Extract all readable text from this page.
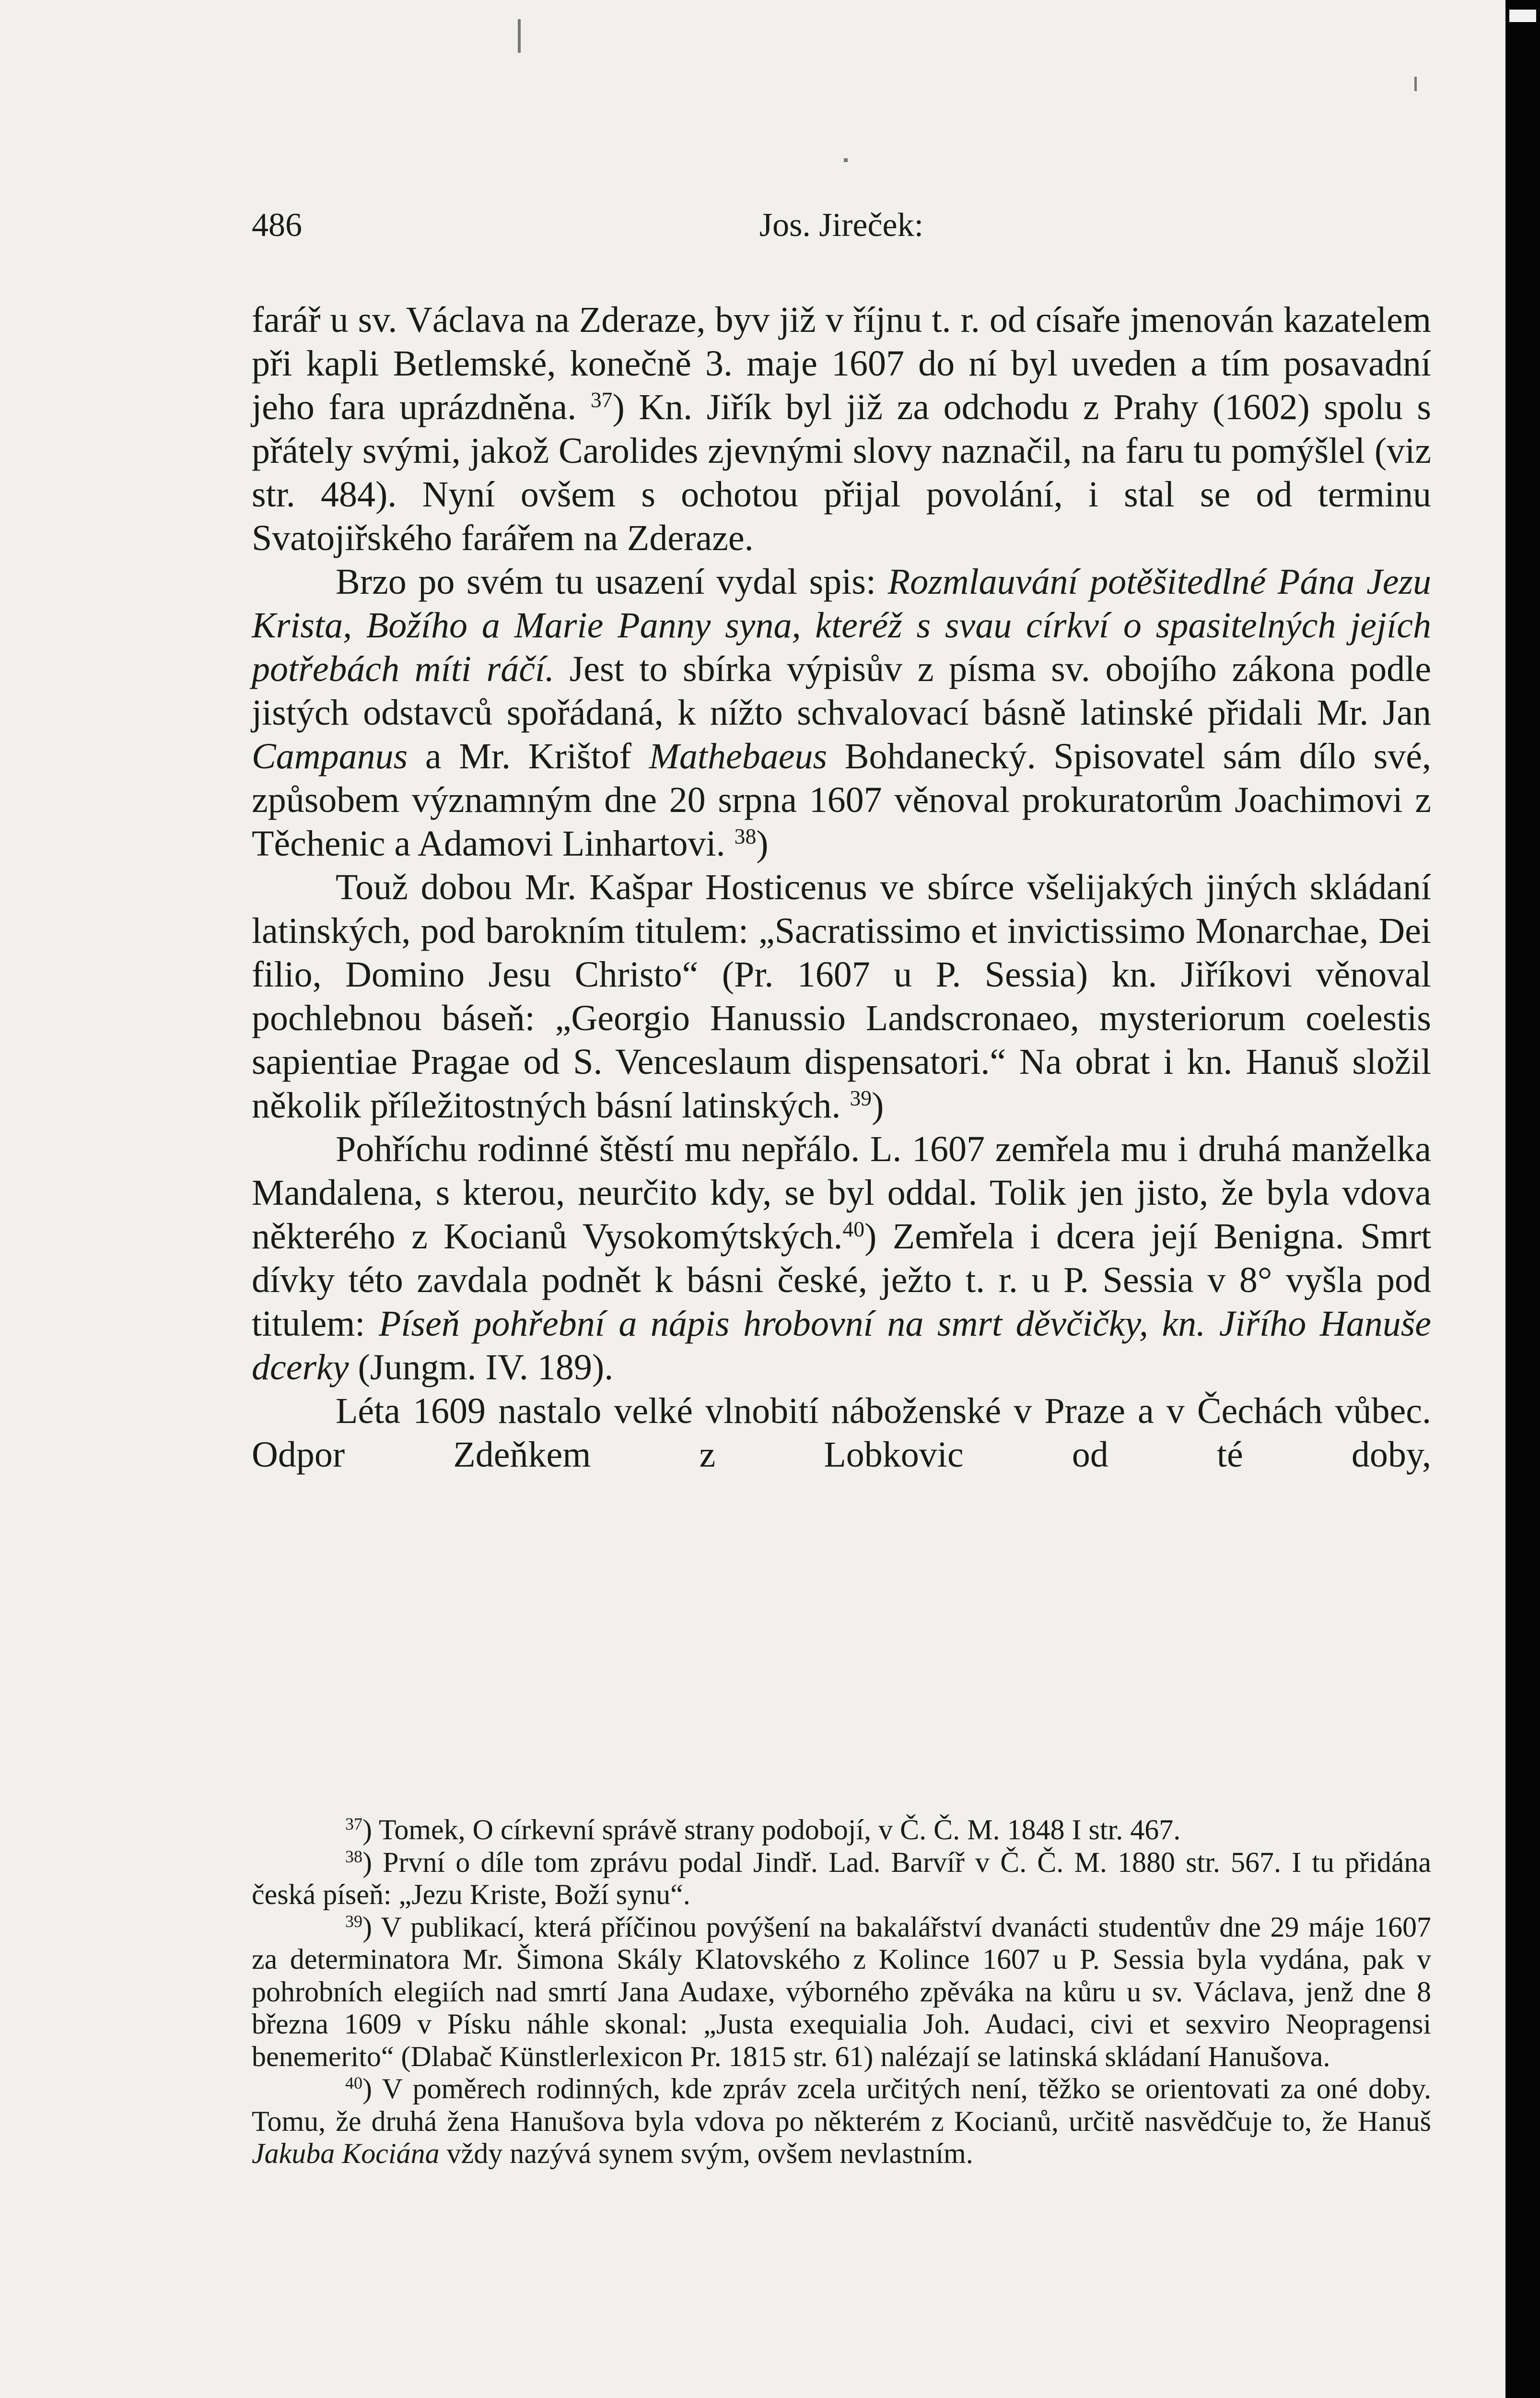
486	Jos. Jireček:

farář u sv. Václava na Zderaze, byv již v říjnu t. r. od císaře jmenován kazatelem při kapli Betlemské, konečně 3. maje 1607 do ní byl uveden a tím posavadní jeho fara uprázdněna. $^{37}$) Kn. Jiřík byl již za odchodu z Prahy (1602) spolu s přátely svými, jakož Carolides zjevnými slovy naznačil, na faru tu pomýšlel (viz str. 484). Nyní ovšem s ochotou přijal povolání, i stal se od terminu Svatojiřského farářem na Zderaze.

Brzo po svém tu usazení vydal spis: Rozmlauvání potěšitedlné Pána Jezu Krista, Božího a Marie Panny syna, kteréž s svau církví o spasitelných jejích potřebách míti ráčí. Jest to sbírka výpisův z písma sv. obojího zákona podle jistých odstavců spořádaná, k nížto schvalovací básně latinské přidali Mr. Jan Campanus a Mr. Krištof Mathebaeus Bohdanecký. Spisovatel sám dílo své, způsobem významným dne 20 srpna 1607 věnoval prokuratorům Joachimovi z Těchenic a Adamovi Linhartovi. $^{38}$)

Touž dobou Mr. Kašpar Hosticenus ve sbírce všelijakých jiných skládaní latinských, pod barokním titulem: „Sacratissimo et invictissimo Monarchae, Dei filio, Domino Jesu Christo“ (Pr. 1607 u P. Sessia) kn. Jiříkovi věnoval pochlebnou báseň: „Georgio Hanussio Landscronaeo, mysteriorum coelestis sapientiae Pragae od S. Venceslaum dispensatori.“ Na obrat i kn. Hanuš složil několik příležitostných básní latinských. $^{39}$)

Pohříchu rodinné štěstí mu nepřálo. L. 1607 zemřela mu i druhá manželka Mandalena, s kterou, neurčito kdy, se byl oddal. Tolik jen jisto, že byla vdova některého z Kocianů Vysokomýtských.$^{40}$) Zemřela i dcera její Benigna. Smrt dívky této zavdala podnět k básni české, ježto t. r. u P. Sessia v 8° vyšla pod titulem: Píseň pohřební a nápis hrobovní na smrt děvčičky, kn. Jiřího Hanuše dcerky (Jungm. IV. 189).

Léta 1609 nastalo velké vlnobití náboženské v Praze a v Čechách vůbec. Odpor Zdeňkem z Lobkovic od té doby,

$^{37}$) Tomek, O církevní správě strany podobojí, v Č. Č. M. 1848 I str. 467.

$^{38}$) První o díle tom zprávu podal Jindř. Lad. Barvíř v Č. Č. M. 1880 str. 567. I tu přidána česká píseň: „Jezu Kriste, Boží synu“.

$^{39}$) V publikací, která příčinou povýšení na bakalářství dvanácti studentův dne 29 máje 1607 za determinatora Mr. Šimona Skály Klatovského z Kolince 1607 u P. Sessia byla vydána, pak v pohrobních elegiích nad smrtí Jana Audaxe, výborného zpěváka na kůru u sv. Václava, jenž dne 8 března 1609 v Písku náhle skonal: „Justa exequialia Joh. Audaci, civi et sexviro Neopragensi benemerito“ (Dlabač Künstlerlexicon Pr. 1815 str. 61) nalézají se latinská skládaní Hanušova.

$^{40}$) V poměrech rodinných, kde zpráv zcela určitých není, těžko se orientovati za oné doby. Tomu, že druhá žena Hanušova byla vdova po některém z Kocianů, určitě nasvědčuje to, že Hanuš Jakuba Kociána vždy nazývá synem svým, ovšem nevlastním.
